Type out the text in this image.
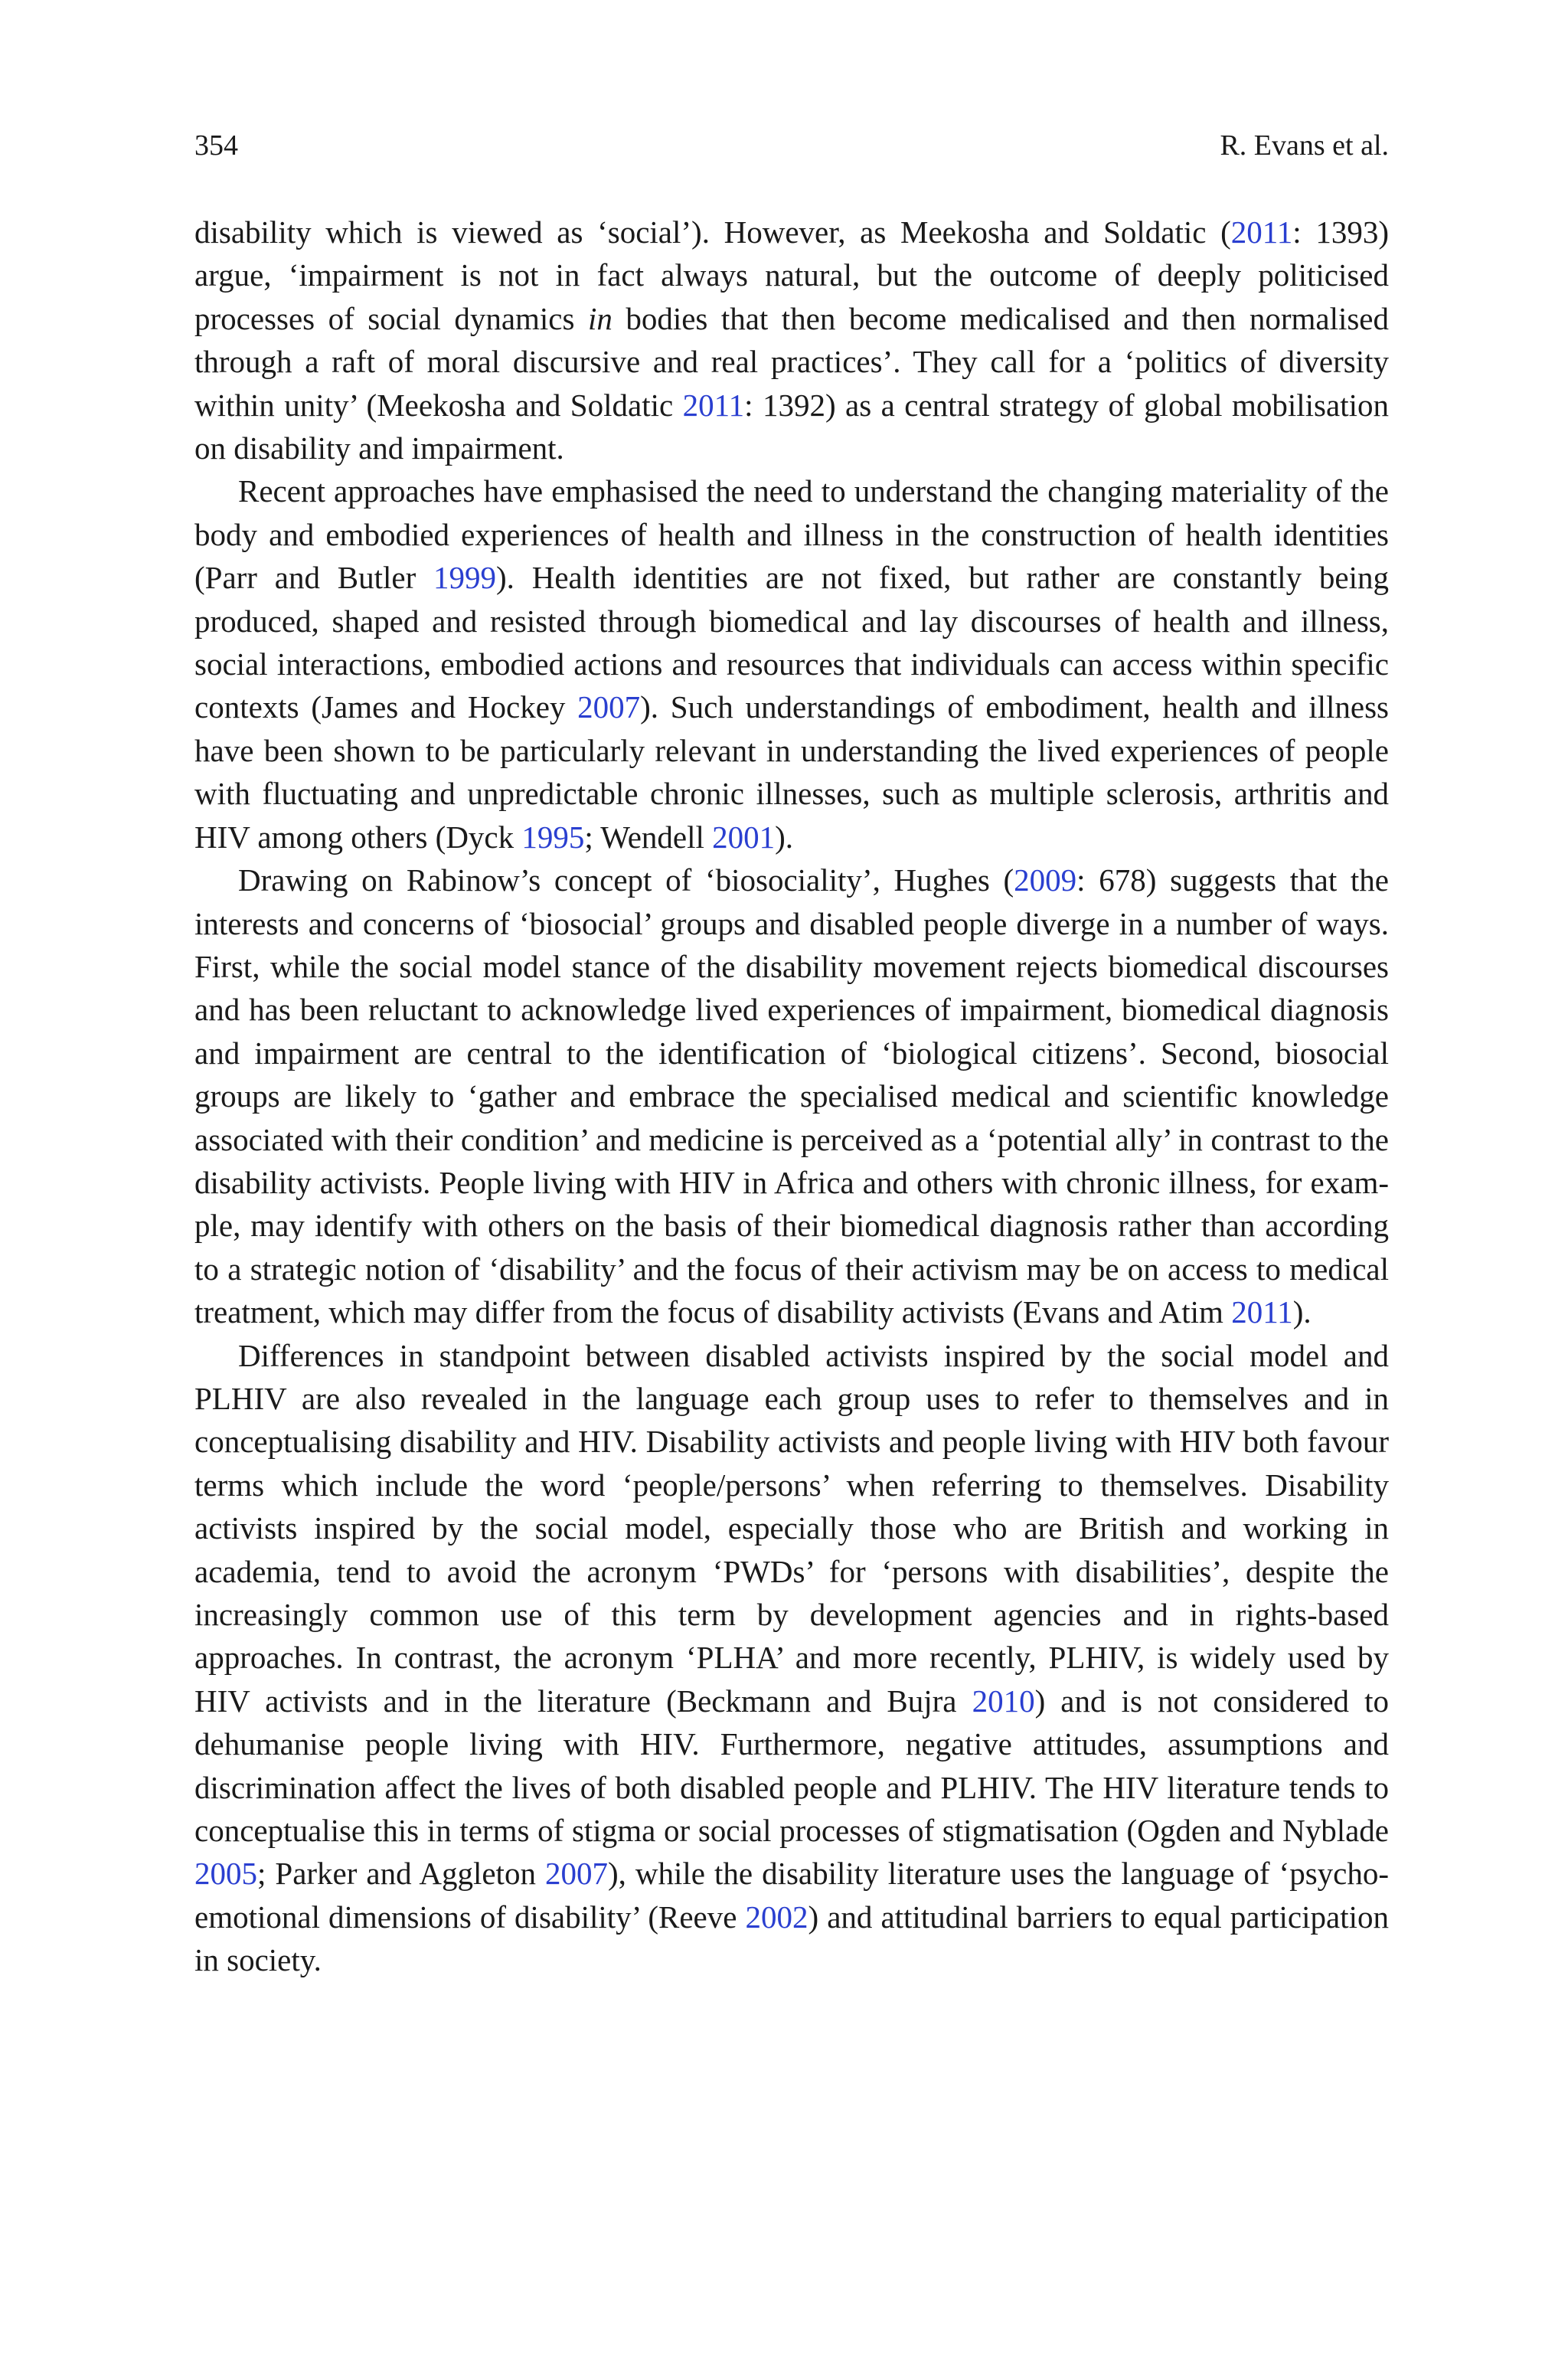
354	R. Evans et al.

disability which is viewed as ‘social’). However, as Meekosha and Soldatic (2011: 1393) argue, ‘impairment is not in fact always natural, but the outcome of deeply politicised processes of social dynamics in bodies that then become medicalised and then normalised through a raft of moral discursive and real practices’. They call for a ‘politics of diversity within unity’ (Meekosha and Soldatic 2011: 1392) as a central strategy of global mobilisation on disability and impairment.

Recent approaches have emphasised the need to understand the changing materiality of the body and embodied experiences of health and illness in the construction of health identities (Parr and Butler 1999). Health identities are not fixed, but rather are constantly being produced, shaped and resisted through biomedical and lay discourses of health and illness, social interactions, embodied actions and resources that individuals can access within specific contexts (James and Hockey 2007). Such understandings of embodiment, health and illness have been shown to be particularly relevant in understanding the lived experiences of people with fluctuating and unpredictable chronic illnesses, such as multiple sclerosis, arthritis and HIV among others (Dyck 1995; Wendell 2001).

Drawing on Rabinow’s concept of ‘biosociality’, Hughes (2009: 678) suggests that the interests and concerns of ‘biosocial’ groups and disabled people diverge in a number of ways. First, while the social model stance of the disability movement rejects biomedical discourses and has been reluctant to acknowledge lived experiences of impairment, biomedical diagnosis and impairment are central to the identification of ‘biological citizens’. Second, biosocial groups are likely to ‘gather and embrace the specialised medical and scientific knowledge associated with their condition’ and medicine is perceived as a ‘potential ally’ in contrast to the disability activists. People living with HIV in Africa and others with chronic illness, for example, may identify with others on the basis of their biomedical diagnosis rather than according to a strategic notion of ‘disability’ and the focus of their activism may be on access to medical treatment, which may differ from the focus of disability activists (Evans and Atim 2011).

Differences in standpoint between disabled activists inspired by the social model and PLHIV are also revealed in the language each group uses to refer to themselves and in conceptualising disability and HIV. Disability activists and people living with HIV both favour terms which include the word ‘people/persons’ when referring to themselves. Disability activists inspired by the social model, especially those who are British and working in academia, tend to avoid the acronym ‘PWDs’ for ‘persons with disabilities’, despite the increasingly common use of this term by development agencies and in rights-based approaches. In contrast, the acronym ‘PLHA’ and more recently, PLHIV, is widely used by HIV activists and in the literature (Beckmann and Bujra 2010) and is not considered to dehumanise people living with HIV. Furthermore, negative attitudes, assumptions and discrimination affect the lives of both disabled people and PLHIV. The HIV literature tends to conceptualise this in terms of stigma or social processes of stigmatisation (Ogden and Nyblade 2005; Parker and Aggleton 2007), while the disability literature uses the language of ‘psycho-emotional dimensions of disability’ (Reeve 2002) and attitudinal barriers to equal participation in society.
